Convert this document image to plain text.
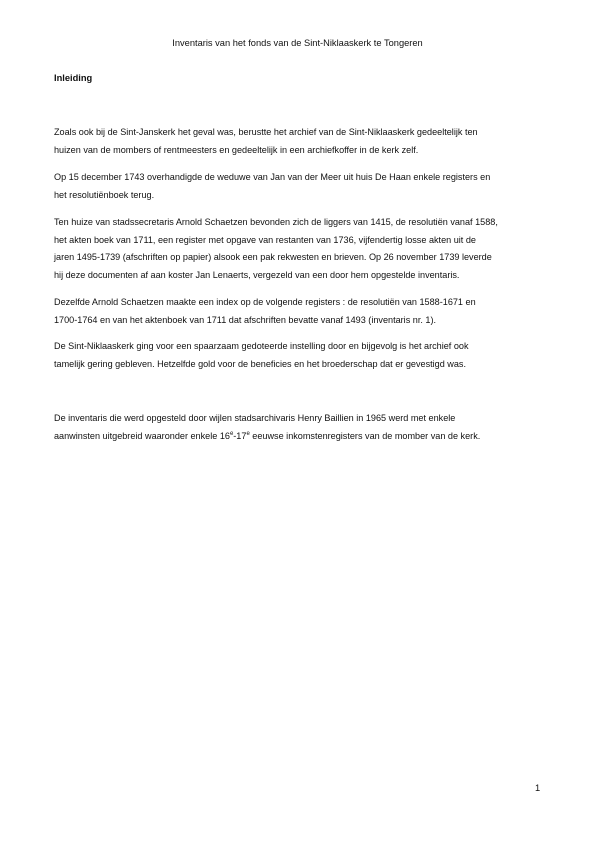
Inventaris van het fonds van de Sint-Niklaaskerk te Tongeren
Inleiding

Zoals ook bij de Sint-Janskerk het geval was, berustte het archief van de Sint-Niklaaskerk gedeeltelijk ten
huizen van de mombers of rentmeesters en gedeeltelijk in een archiefkoffer in de kerk zelf.

Op 15 december 1743 overhandigde de weduwe van Jan van der Meer uit huis De Haan enkele registers en
het resolutiënboek terug.

Ten huize van stadssecretaris Arnold Schaetzen bevonden zich de liggers van 1415, de resolutiën vanaf 1588,
het akten boek van 1711, een register met opgave van restanten van 1736, vijfendertig losse akten uit de
jaren 1495-1739 (afschriften op papier) alsook een pak rekwesten en brieven. Op 26 november 1739 leverde
hij deze documenten af aan koster Jan Lenaerts, vergezeld van een door hem opgestelde inventaris.

Dezelfde Arnold Schaetzen maakte een index op de volgende registers : de resolutiën van 1588-1671 en
1700-1764 en van het aktenboek van 1711 dat afschriften bevatte vanaf 1493 (inventaris nr. 1).

De Sint-Niklaaskerk ging voor een spaarzaam gedoteerde instelling door en bijgevolg is het archief ook
tamelijk gering gebleven. Hetzelfde gold voor de beneficies en het broederschap dat er gevestigd was.

De inventaris die werd opgesteld door wijlen stadsarchivaris Henry Baillien in 1965 werd met enkele
aanwinsten uitgebreid waaronder enkele 16e-17e eeuwse inkomstenregisters van de momber van de kerk.

1
